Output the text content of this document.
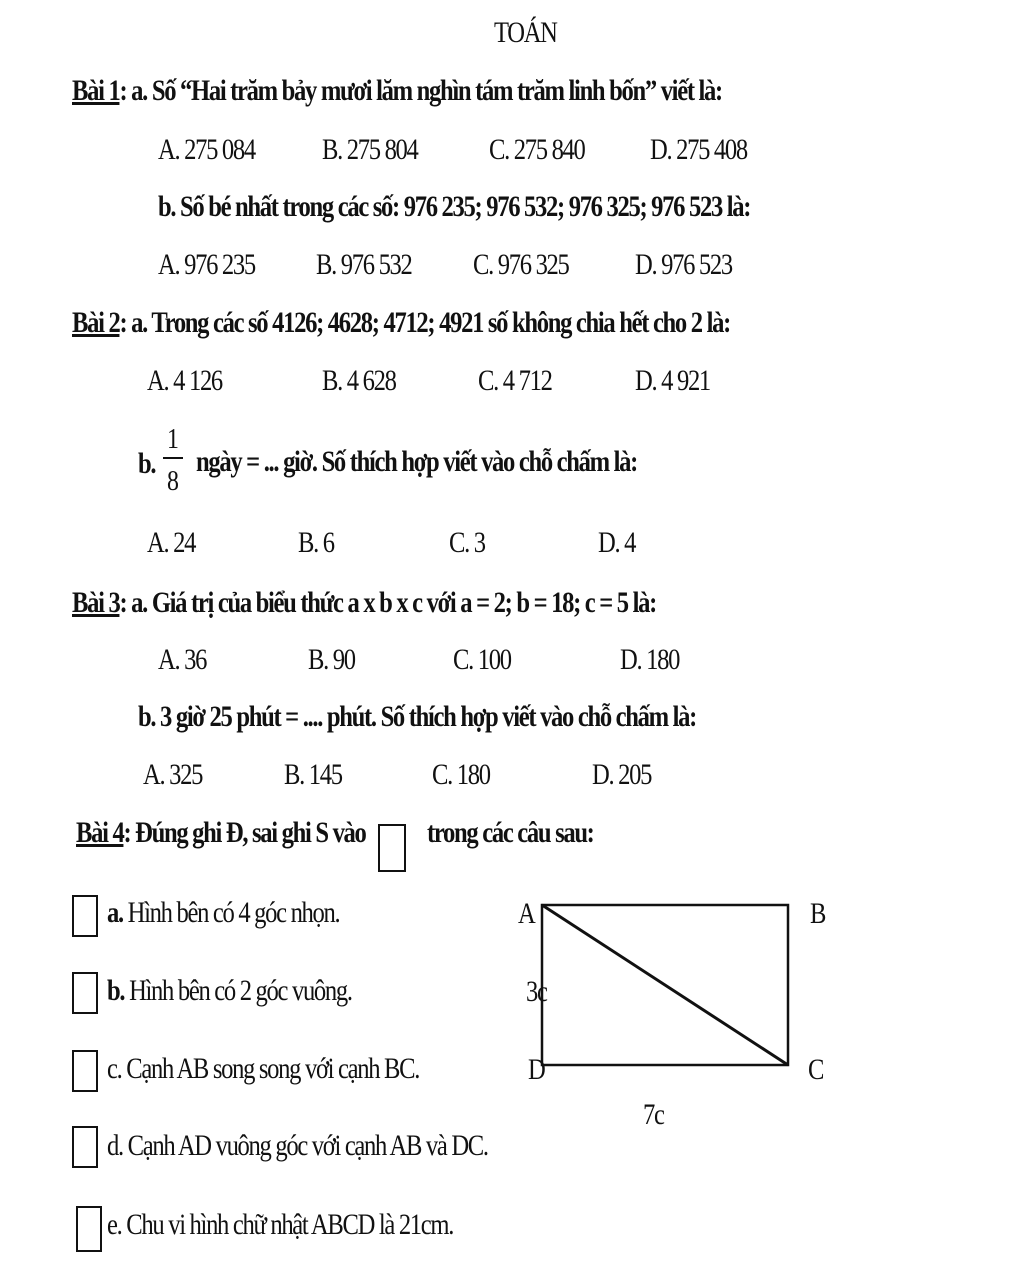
TOÁN
Bài 1: a. Số “Hai trăm bảy mươi lăm nghìn tám trăm linh bốn” viết là:
A. 275 084 B. 275 804 C. 275 840 D. 275 408
b. Số bé nhất trong các số: 976 235; 976 532; 976 325; 976 523 là:
A. 976 235 B. 976 532 C. 976 325 D. 976 523
Bài 2: a. Trong các số 4126; 4628; 4712; 4921 số không chia hết cho 2 là:
A. 4 126	B. 4 628	C. 4 712	D. 4 921
b.
1
8
ngày = ... giờ. Số thích hợp viết vào chỗ chấm là:
A. 24	B. 6	C. 3	D. 4
Bài 3: a. Giá trị của biểu thức a x b x c với a = 2; b = 18; c = 5 là:
A. 36	B. 90	C. 100	D. 180
b. 3 giờ 25 phút = .... phút. Số thích hợp viết vào chỗ chấm là:
A. 325	B. 145	C. 180	D. 205
Bài 4: Đúng ghi Đ, sai ghi S vào trong các câu sau:
a. Hình bên có 4 góc nhọn.
b. Hình bên có 2 góc vuông.
c. Cạnh AB song song với cạnh BC.
d. Cạnh AD vuông góc với cạnh AB và DC.
e. Chu vi hình chữ nhật ABCD là 21cm.
A	B
C
D
3c
7c
